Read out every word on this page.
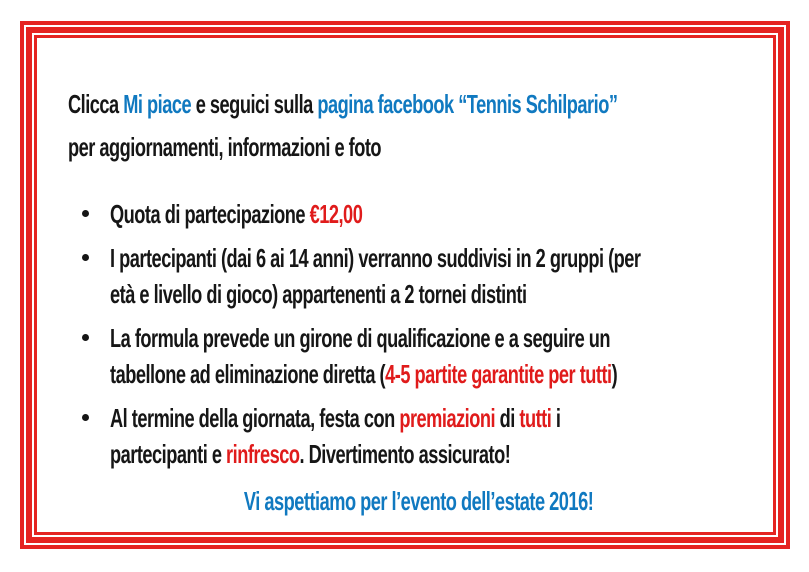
Clicca Mi piace e seguici sulla pagina facebook “Tennis Schilpario”
per aggiornamenti, informazioni e foto
Quota di partecipazione €12,00
I partecipanti (dai 6 ai 14 anni) verranno suddivisi in 2 gruppi (per
età e livello di gioco) appartenenti a 2 tornei distinti
La formula prevede un girone di qualificazione e a seguire un
tabellone ad eliminazione diretta (4-5 partite garantite per tutti)
Al termine della giornata, festa con premiazioni di tutti i
partecipanti e rinfresco. Divertimento assicurato!
Vi aspettiamo per l’evento dell’estate 2016!
